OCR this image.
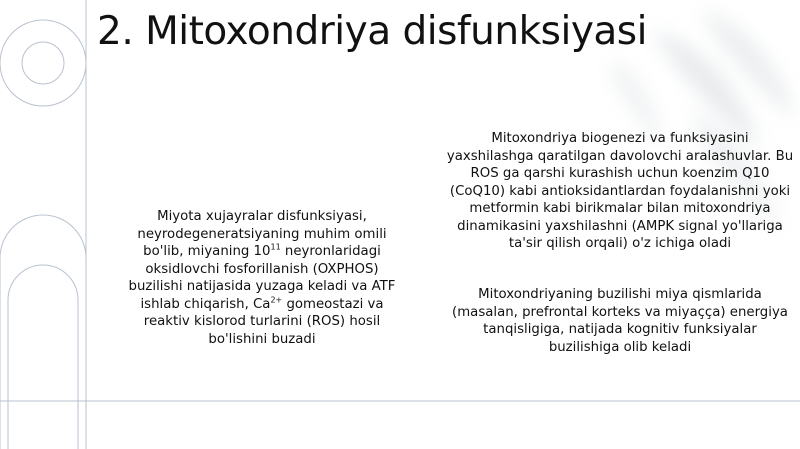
2. Mitoxondriya disfunksiyasi

Miyota xujayralar disfunksiyasi, neyrodegeneratsiyaning muhim omili bo'lib, miyaning $10^{11}$ neyronlaridagi oksidlovchi fosforillanish (OXPHOS) buzilishi natijasida yuzaga keladi va ATF ishlab chiqarish, $Ca^{2+}$ gomeostazi va reaktiv kislorod turlarini (ROS) hosil bo'lishini buzadi

Mitoxondriya biogenezi va funksiyasini yaxshilashga qaratilgan davolovchi aralashuvlar. Bu ROS ga qarshi kurashish uchun koenzim Q10 (CoQ10) kabi antioksidantlardan foydalanishni yoki metformin kabi birikmalar bilan mitoxondriya dinamikasini yaxshilashni (AMPK signal yo'llariga ta'sir qilish orqali) o'z ichiga oladi

Mitoxondriyaning buzilishi miya qismlarida (masalan, prefrontal korteks va miyaçça) energiya tanqisligiga, natijada kognitiv funksiyalar buzilishiga olib keladi
